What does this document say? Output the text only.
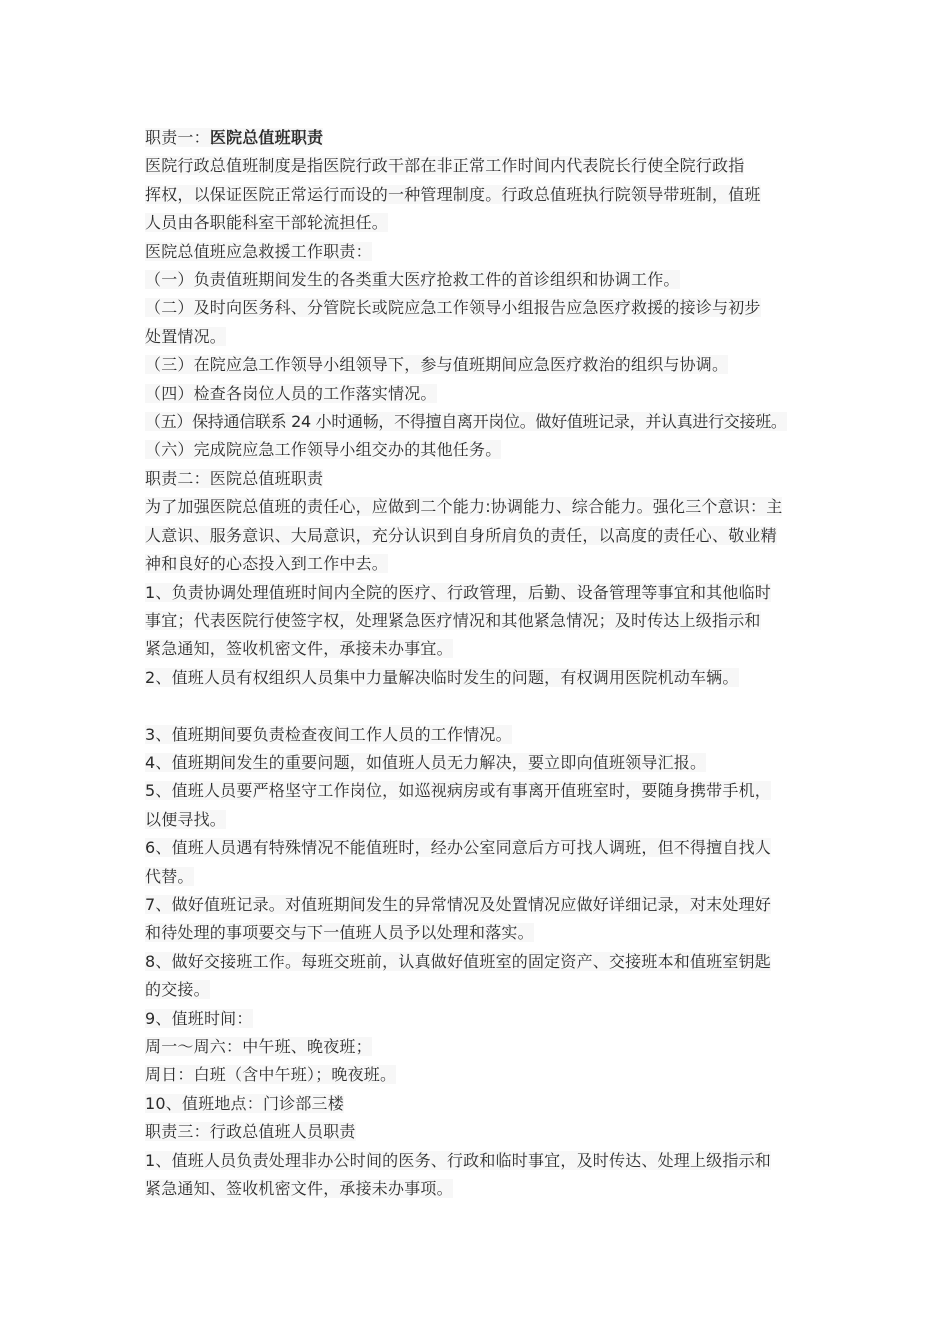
职责一：医院总值班职责
医院行政总值班制度是指医院行政干部在非正常工作时间内代表院长行使全院行政指
挥权，以保证医院正常运行而设的一种管理制度。行政总值班执行院领导带班制，值班
人员由各职能科室干部轮流担任。
医院总值班应急救援工作职责：
（一）负责值班期间发生的各类重大医疗抢救工件的首诊组织和协调工作。
（二）及时向医务科、分管院长或院应急工作领导小组报告应急医疗救援的接诊与初步
处置情况。
（三）在院应急工作领导小组领导下，参与值班期间应急医疗救治的组织与协调。
（四）检查各岗位人员的工作落实情况。
（五）保持通信联系 24 小时通畅，不得擅自离开岗位。做好值班记录，并认真进行交接班。
（六）完成院应急工作领导小组交办的其他任务。
职责二：医院总值班职责
为了加强医院总值班的责任心，应做到二个能力:协调能力、综合能力。强化三个意识：主
人意识、服务意识、大局意识，充分认识到自身所肩负的责任，以高度的责任心、敬业精
神和良好的心态投入到工作中去。
1、负责协调处理值班时间内全院的医疗、行政管理，后勤、设备管理等事宜和其他临时
事宜；代表医院行使签字权，处理紧急医疗情况和其他紧急情况；及时传达上级指示和
紧急通知，签收机密文件，承接未办事宜。
2、值班人员有权组织人员集中力量解决临时发生的问题，有权调用医院机动车辆。
3、值班期间要负责检查夜间工作人员的工作情况。
4、值班期间发生的重要问题，如值班人员无力解决，要立即向值班领导汇报。
5、值班人员要严格坚守工作岗位，如巡视病房或有事离开值班室时，要随身携带手机，
以便寻找。
6、值班人员遇有特殊情况不能值班时，经办公室同意后方可找人调班，但不得擅自找人
代替。
7、做好值班记录。对值班期间发生的异常情况及处置情况应做好详细记录，对末处理好
和待处理的事项要交与下一值班人员予以处理和落实。
8、做好交接班工作。每班交班前，认真做好值班室的固定资产、交接班本和值班室钥匙
的交接。
9、值班时间：
周一～周六：中午班、晚夜班；
周日：白班（含中午班）；晚夜班。
10、值班地点：门诊部三楼
职责三：行政总值班人员职责
1、值班人员负责处理非办公时间的医务、行政和临时事宜，及时传达、处理上级指示和
紧急通知、签收机密文件，承接未办事项。
